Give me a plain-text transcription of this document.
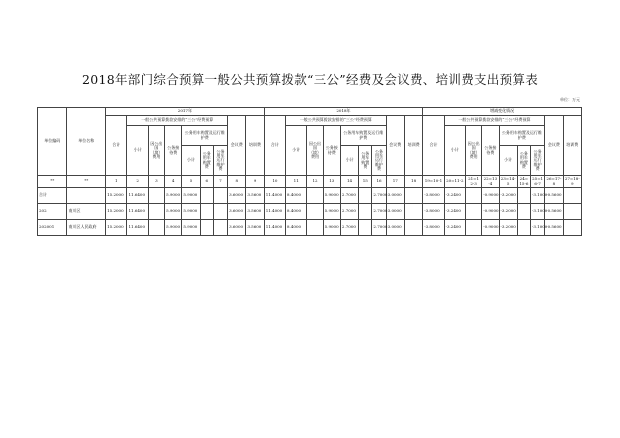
2018年部门综合预算一般公共预算拨款“三公”经费及会议费、培训费支出预算表
单位：万元
单位编码	单位名称	2017年									2018年									增减变化情况								
		合计	一般公共预算拨款安排的“三公”经费预算						会议费	培训费	合计	一般公共预算拨款安排的“三公”经费预算						会议费	培训费	合计	一般公共预算拨款安排的“三公”经费预算						会议费	培训费
			小计	因公出国（境）费用	公务接待费	公务用车购置及运行维护费						小计	因公出国（境）费用	公务接待费	公务用车购置及运行维护费						小计	因公出国（境）费用	公务接待费	公务用车购置及运行维护费				
						小计	公务用车购置费	公务用车运行维护费							小计	公务用车购置费	公务用车运行维护费							小计	公务用车购置费	公务用车运行维护费		
**	**	1	2	3	4	5	6	7	8	9	10	11	12	13	14	15	16	17	18	19=10-1	20=11-2	21=12-3	22=13-4	23=14-5	24=15-6	25=16-7	26=17-8	27=18-9
合计		15.2000	11.6400		5.9000	5.9000			3.6000	3.5600	11.4000	8.4000		5.9000	2.7000		2.7000	3.0000		-3.8000	-3.2400		-0.9000	-3.2000		-3.1000	-0.5600	
202	南川区	15.2000	11.6400		5.9000	5.9000			3.6000	3.5600	11.4000	8.4000		5.9000	2.7000		2.7000	3.0000		-3.8000	-3.2400		-0.9000	-3.2000		-3.1000	-0.5600	
202001	南川区人民政府	15.2000	11.6400		5.9000	5.9000			3.6000	3.5600	11.4000	8.4000		5.9000	2.7000		2.7000	3.0000		-3.8000	-3.2400		-0.9000	-3.2000		-3.1000	-0.5600	
